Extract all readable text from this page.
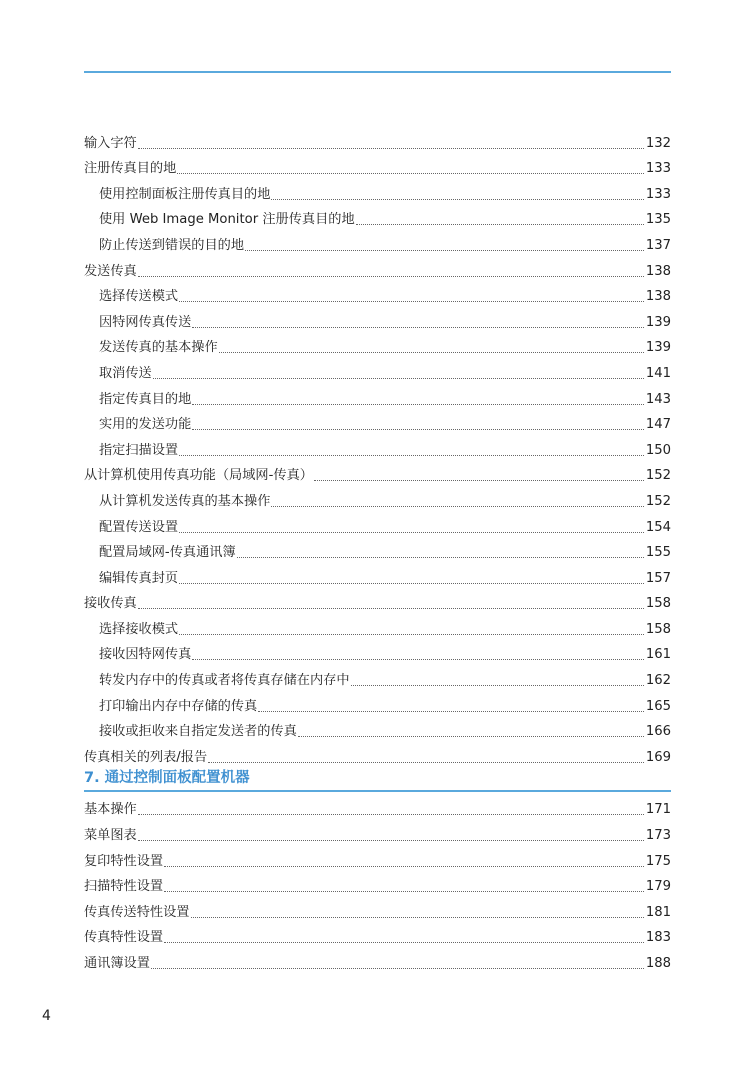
输入字符	132
注册传真目的地	133
使用控制面板注册传真目的地	133
使用 Web Image Monitor 注册传真目的地	135
防止传送到错误的目的地	137
发送传真	138
选择传送模式	138
因特网传真传送	139
发送传真的基本操作	139
取消传送	141
指定传真目的地	143
实用的发送功能	147
指定扫描设置	150
从计算机使用传真功能（局域网-传真）	152
从计算机发送传真的基本操作	152
配置传送设置	154
配置局域网-传真通讯簿	155
编辑传真封页	157
接收传真	158
选择接收模式	158
接收因特网传真	161
转发内存中的传真或者将传真存储在内存中	162
打印输出内存中存储的传真	165
接收或拒收来自指定发送者的传真	166
传真相关的列表/报告	169
7. 通过控制面板配置机器
基本操作	171
菜单图表	173
复印特性设置	175
扫描特性设置	179
传真传送特性设置	181
传真特性设置	183
通讯簿设置	188
4
